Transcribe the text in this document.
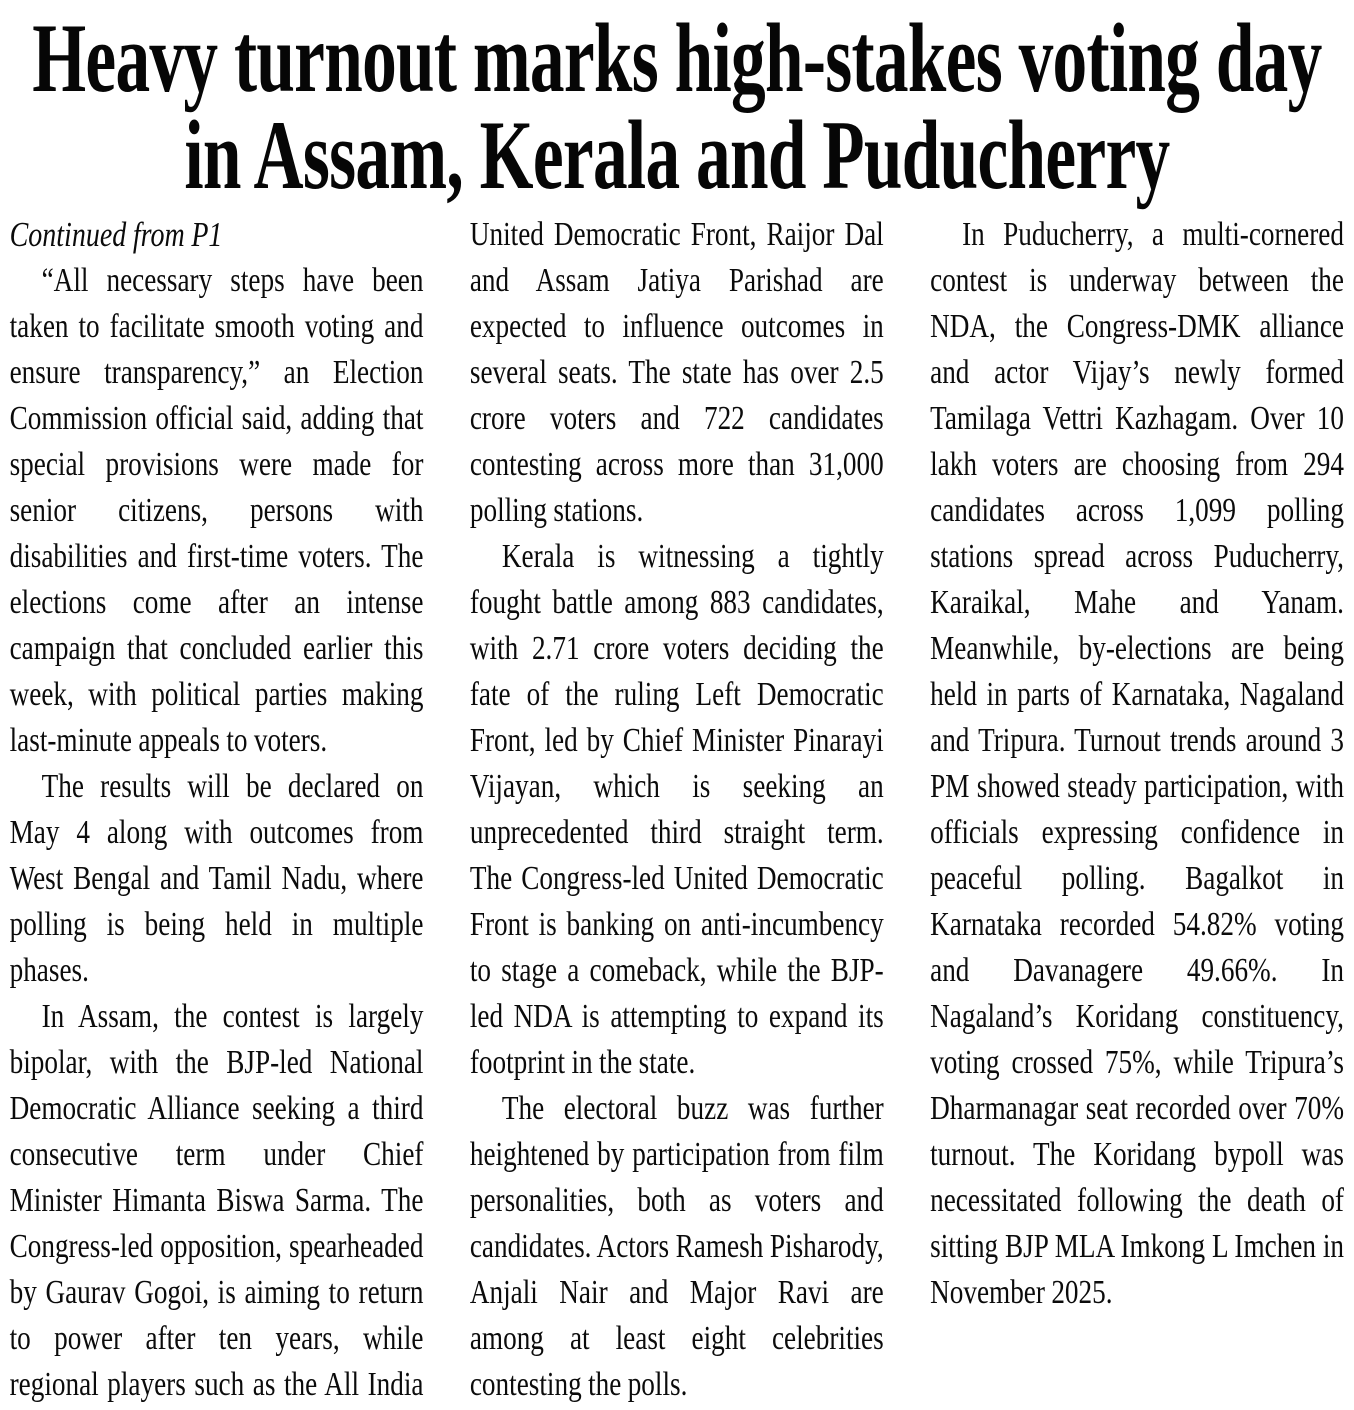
Heavy turnout marks high-stakes voting day in Assam, Kerala and Puducherry

Continued from P1

“All necessary steps have been taken to facilitate smooth voting and ensure transparency,” an Election Commission official said, adding that special provisions were made for senior citizens, persons with disabilities and first-time voters. The elections come after an intense campaign that concluded earlier this week, with political parties making last-minute appeals to voters.

The results will be declared on May 4 along with outcomes from West Bengal and Tamil Nadu, where polling is being held in multiple phases.

In Assam, the contest is largely bipolar, with the BJP-led National Democratic Alliance seeking a third consecutive term under Chief Minister Himanta Biswa Sarma. The Congress-led opposition, spearheaded by Gaurav Gogoi, is aiming to return to power after ten years, while regional players such as the All India United Democratic Front, Raijor Dal and Assam Jatiya Parishad are expected to influence outcomes in several seats. The state has over 2.5 crore voters and 722 candidates contesting across more than 31,000 polling stations.

Kerala is witnessing a tightly fought battle among 883 candidates, with 2.71 crore voters deciding the fate of the ruling Left Democratic Front, led by Chief Minister Pinarayi Vijayan, which is seeking an unprecedented third straight term. The Congress-led United Democratic Front is banking on anti-incumbency to stage a comeback, while the BJP-led NDA is attempting to expand its footprint in the state.

The electoral buzz was further heightened by participation from film personalities, both as voters and candidates. Actors Ramesh Pisharody, Anjali Nair and Major Ravi are among at least eight celebrities contesting the polls.

In Puducherry, a multi-cornered contest is underway between the NDA, the Congress-DMK alliance and actor Vijay’s newly formed Tamilaga Vettri Kazhagam. Over 10 lakh voters are choosing from 294 candidates across 1,099 polling stations spread across Puducherry, Karaikal, Mahe and Yanam. Meanwhile, by-elections are being held in parts of Karnataka, Nagaland and Tripura. Turnout trends around 3 PM showed steady participation, with officials expressing confidence in peaceful polling. Bagalkot in Karnataka recorded 54.82% voting and Davanagere 49.66%. In Nagaland’s Koridang constituency, voting crossed 75%, while Tripura’s Dharmanagar seat recorded over 70% turnout. The Koridang bypoll was necessitated following the death of sitting BJP MLA Imkong L Imchen in November 2025.
